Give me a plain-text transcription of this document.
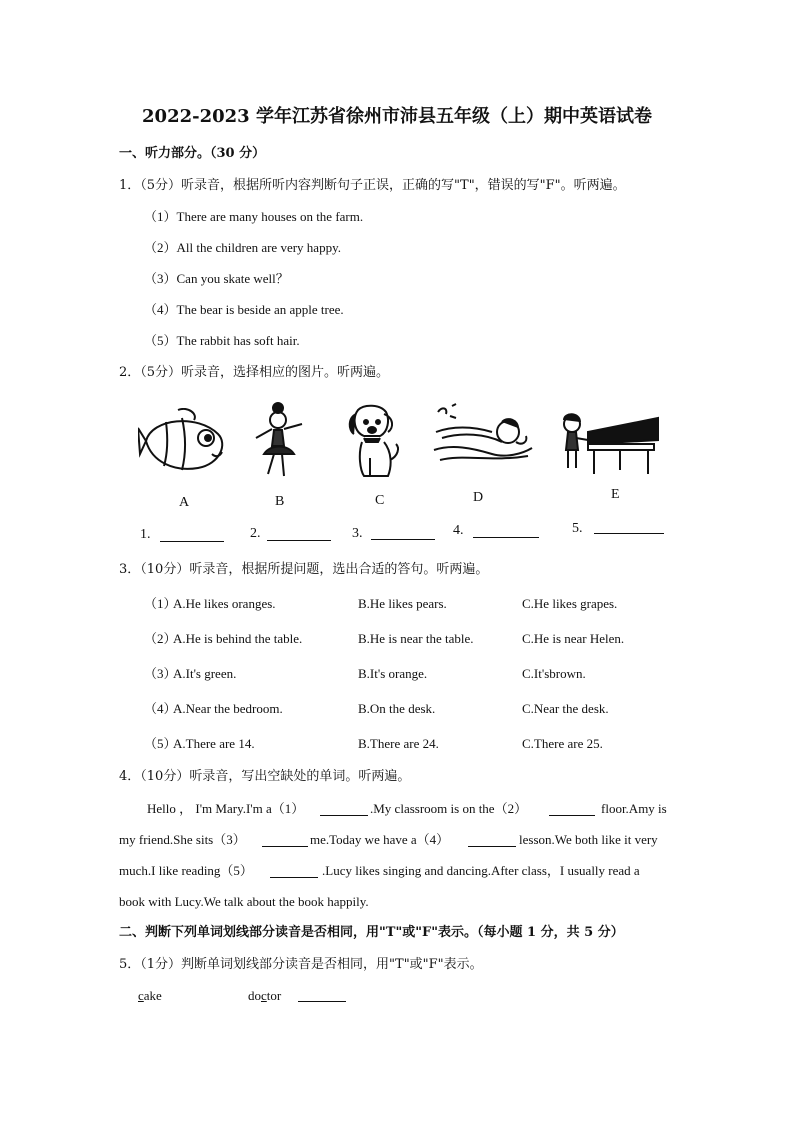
2022-2023 学年江苏省徐州市沛县五年级（上）期中英语试卷
一、听力部分。（30 分）
1．（5分）听录音，根据所听内容判断句子正误，正确的写"T"，错误的写"F"。听两遍。
（1）There are many houses on the farm.
（2）All the children are very happy.
（3）Can you skate well？
（4）The bear is beside an apple tree.
（5）The rabbit has soft hair.
2．（5分）听录音，选择相应的图片。听两遍。
A	B	C	D	E
1.	2.	3.	4.	5.
3．（10分）听录音，根据所提问题，选出合适的答句。听两遍。
（1）
A.He likes oranges.	B.He likes pears.	C.He likes grapes.
（2）
A.He is behind the table.	B.He is near the table.	C.He is near Helen.
（3）
A.It's green.	B.It's orange.	C.It'sbrown.
（4）
A.Near the bedroom.	B.On the desk.	C.Near the desk.
（5）
A.There are 14.	B.There are 24.	C.There are 25.
4．（10分）听录音，写出空缺处的单词。听两遍。
Hello ， I'm Mary.I'm a（1）	.My classroom is on the（2）	floor.Amy is
my friend.She sits（3）	me.Today we have a（4）	lesson.We both like it very
much.I like reading（5）	.Lucy likes singing and dancing.After class，I usually read a
book with Lucy.We talk about the book happily.
二、判断下列单词划线部分读音是否相同，用"T"或"F"表示。（每小题 1 分，共 5 分）
5．（1分）判断单词划线部分读音是否相同，用"T"或"F"表示。
cake	doctor
